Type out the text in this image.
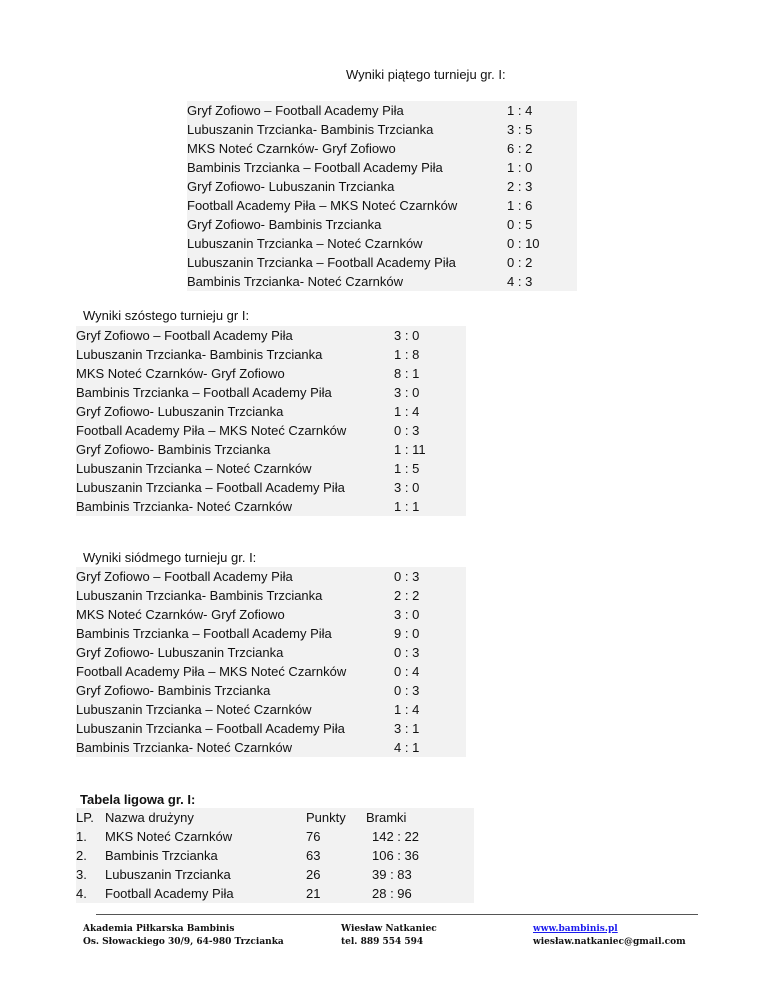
Wyniki piątego turnieju gr. I:
Gryf Zofiowo – Football Academy Piła	1 : 4
Lubuszanin Trzcianka- Bambinis Trzcianka	3 : 5
MKS Noteć Czarnków- Gryf Zofiowo	6 : 2
Bambinis Trzcianka – Football Academy Piła	1 : 0
Gryf Zofiowo- Lubuszanin Trzcianka	2 : 3
Football Academy Piła – MKS Noteć Czarnków	1 : 6
Gryf Zofiowo- Bambinis Trzcianka	0 : 5
Lubuszanin Trzcianka – Noteć Czarnków	0 : 10
Lubuszanin Trzcianka – Football Academy Piła	0 : 2
Bambinis Trzcianka- Noteć Czarnków	4 : 3
Wyniki szóstego turnieju gr I:
Gryf Zofiowo – Football Academy Piła	3 : 0
Lubuszanin Trzcianka- Bambinis Trzcianka	1 : 8
MKS Noteć Czarnków- Gryf Zofiowo	8 : 1
Bambinis Trzcianka – Football Academy Piła	3 : 0
Gryf Zofiowo- Lubuszanin Trzcianka	1 : 4
Football Academy Piła – MKS Noteć Czarnków	0 : 3
Gryf Zofiowo- Bambinis Trzcianka	1 : 11
Lubuszanin Trzcianka – Noteć Czarnków	1 : 5
Lubuszanin Trzcianka – Football Academy Piła	3 : 0
Bambinis Trzcianka- Noteć Czarnków	1 : 1
Wyniki siódmego turnieju gr. I:
Gryf Zofiowo – Football Academy Piła	0 : 3
Lubuszanin Trzcianka- Bambinis Trzcianka	2 : 2
MKS Noteć Czarnków- Gryf Zofiowo	3 : 0
Bambinis Trzcianka – Football Academy Piła	9 : 0
Gryf Zofiowo- Lubuszanin Trzcianka	0 : 3
Football Academy Piła – MKS Noteć Czarnków	0 : 4
Gryf Zofiowo- Bambinis Trzcianka	0 : 3
Lubuszanin Trzcianka – Noteć Czarnków	1 : 4
Lubuszanin Trzcianka – Football Academy Piła	3 : 1
Bambinis Trzcianka- Noteć Czarnków	4 : 1
Tabela ligowa gr. I:
LP. Nazwa drużyny	Punkty	Bramki
1.	MKS Noteć Czarnków	76	142 : 22
2.	Bambinis Trzcianka	63	106 : 36
3.	Lubuszanin Trzcianka	26	39 : 83
4.	Football Academy Piła	21	28 : 96
Akademia Piłkarska Bambinis
Os. Słowackiego 30/9, 64-980 Trzcianka
Wiesław Natkaniec
tel. 889 554 594
www.bambinis.pl
wiesław.natkaniec@gmail.com
